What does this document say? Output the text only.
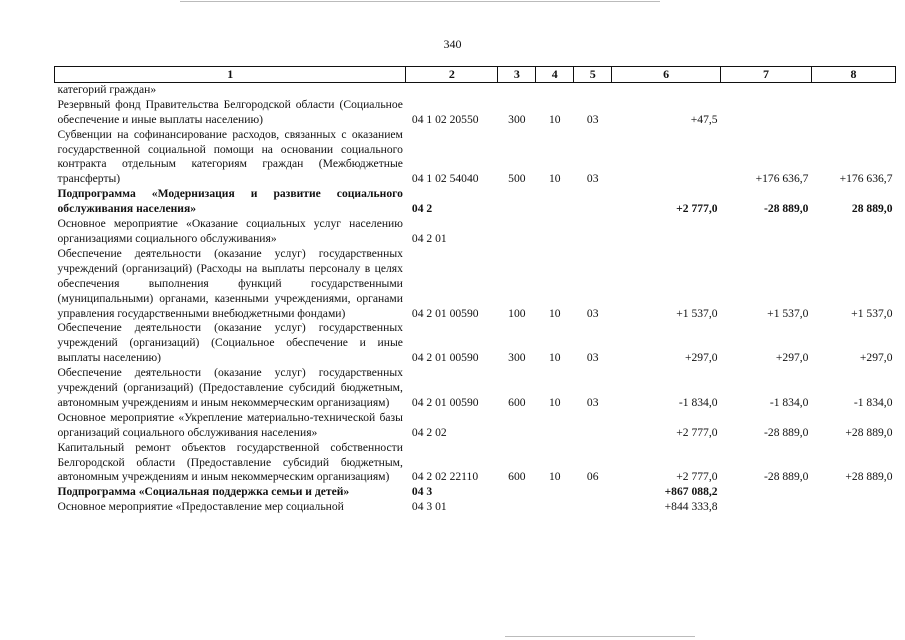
340
1	2	3	4	5	6	7	8
категорий граждан»							
Резервный фонд Правительства Белгородской области (Социальное обеспечение и иные выплаты населению)	04 1 02 20550	300	10	03	+47,5		
Субвенции на софинансирование расходов, связанных с оказанием государственной социальной помощи на основании социального контракта отдельным категориям граждан (Межбюджетные трансферты)	04 1 02 54040	500	10	03		+176 636,7	+176 636,7
Подпрограмма «Модернизация и развитие социального обслуживания населения»	04 2				+2 777,0	-28 889,0	28 889,0
Основное мероприятие «Оказание социальных услуг населению организациями социального обслуживания»	04 2 01						
Обеспечение деятельности (оказание услуг) государственных учреждений (организаций) (Расходы на выплаты персоналу в целях обеспечения выполнения функций государственными (муниципальными) органами, казенными учреждениями, органами управления государственными внебюджетными фондами)	04 2 01 00590	100	10	03	+1 537,0	+1 537,0	+1 537,0
Обеспечение деятельности (оказание услуг) государственных учреждений (организаций) (Социальное обеспечение и иные выплаты населению)	04 2 01 00590	300	10	03	+297,0	+297,0	+297,0
Обеспечение деятельности (оказание услуг) государственных учреждений (организаций) (Предоставление субсидий бюджетным, автономным учреждениям и иным некоммерческим организациям)	04 2 01 00590	600	10	03	-1 834,0	-1 834,0	-1 834,0
Основное мероприятие «Укрепление материально-технической базы организаций социального обслуживания населения»	04 2 02				+2 777,0	-28 889,0	+28 889,0
Капитальный ремонт объектов государственной собственности Белгородской области (Предоставление субсидий бюджетным, автономным учреждениям и иным некоммерческим организациям)	04 2 02 22110	600	10	06	+2 777,0	-28 889,0	+28 889,0
Подпрограмма «Социальная поддержка семьи и детей»	04 3				+867 088,2		
Основное мероприятие «Предоставление мер социальной	04 3 01				+844 333,8		
